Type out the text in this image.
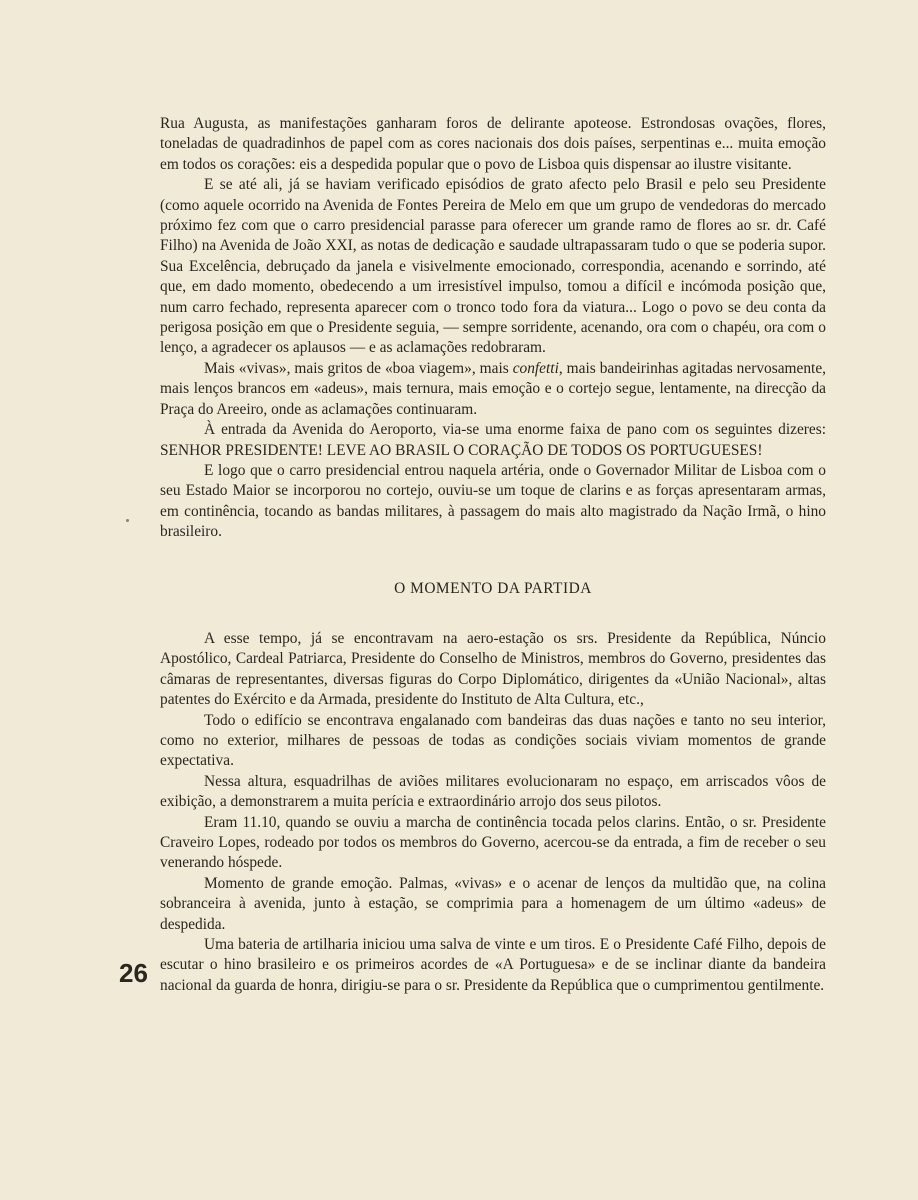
Rua Augusta, as manifestações ganharam foros de delirante apoteose. Estrondosas ovações, flores, toneladas de quadradinhos de papel com as cores nacionais dos dois países, serpentinas e... muita emoção em todos os corações: eis a despedida popular que o povo de Lisboa quis dispensar ao ilustre visitante.

E se até ali, já se haviam verificado episódios de grato afecto pelo Brasil e pelo seu Presidente (como aquele ocorrido na Avenida de Fontes Pereira de Melo em que um grupo de vendedoras do mercado próximo fez com que o carro presidencial parasse para oferecer um grande ramo de flores ao sr. dr. Café Filho) na Avenida de João XXI, as notas de dedicação e saudade ultrapassaram tudo o que se poderia supor. Sua Excelência, debruçado da janela e visivelmente emocionado, correspondia, acenando e sorrindo, até que, em dado momento, obedecendo a um irresistível impulso, tomou a difícil e incómoda posição que, num carro fechado, representa aparecer com o tronco todo fora da viatura... Logo o povo se deu conta da perigosa posição em que o Presidente seguia, — sempre sorridente, acenando, ora com o chapéu, ora com o lenço, a agradecer os aplausos — e as aclamações redobraram.

Mais «vivas», mais gritos de «boa viagem», mais confetti, mais bandeirinhas agitadas nervosamente, mais lenços brancos em «adeus», mais ternura, mais emoção e o cortejo segue, lentamente, na direcção da Praça do Areeiro, onde as aclamações continuaram.

À entrada da Avenida do Aeroporto, via-se uma enorme faixa de pano com os seguintes dizeres: SENHOR PRESIDENTE! LEVE AO BRASIL O CORAÇÃO DE TODOS OS PORTUGUESES!

E logo que o carro presidencial entrou naquela artéria, onde o Governador Militar de Lisboa com o seu Estado Maior se incorporou no cortejo, ouviu-se um toque de clarins e as forças apresentaram armas, em continência, tocando as bandas militares, à passagem do mais alto magistrado da Nação Irmã, o hino brasileiro.

O MOMENTO DA PARTIDA

A esse tempo, já se encontravam na aero-estação os srs. Presidente da República, Núncio Apostólico, Cardeal Patriarca, Presidente do Conselho de Ministros, membros do Governo, presidentes das câmaras de representantes, diversas figuras do Corpo Diplomático, dirigentes da «União Nacional», altas patentes do Exército e da Armada, presidente do Instituto de Alta Cultura, etc.,

Todo o edifício se encontrava engalanado com bandeiras das duas nações e tanto no seu interior, como no exterior, milhares de pessoas de todas as condições sociais viviam momentos de grande expectativa.

Nessa altura, esquadrilhas de aviões militares evolucionaram no espaço, em arriscados vôos de exibição, a demonstrarem a muita perícia e extraordinário arrojo dos seus pilotos.

Eram 11.10, quando se ouviu a marcha de continência tocada pelos clarins. Então, o sr. Presidente Craveiro Lopes, rodeado por todos os membros do Governo, acercou-se da entrada, a fim de receber o seu venerando hóspede.

Momento de grande emoção. Palmas, «vivas» e o acenar de lenços da multidão que, na colina sobranceira à avenida, junto à estação, se comprimia para a homenagem de um último «adeus» de despedida.

Uma bateria de artilharia iniciou uma salva de vinte e um tiros. E o Presidente Café Filho, depois de escutar o hino brasileiro e os primeiros acordes de «A Portuguesa» e de se inclinar diante da bandeira nacional da guarda de honra, dirigiu-se para o sr. Presidente da República que o cumprimentou gentilmente.

26
